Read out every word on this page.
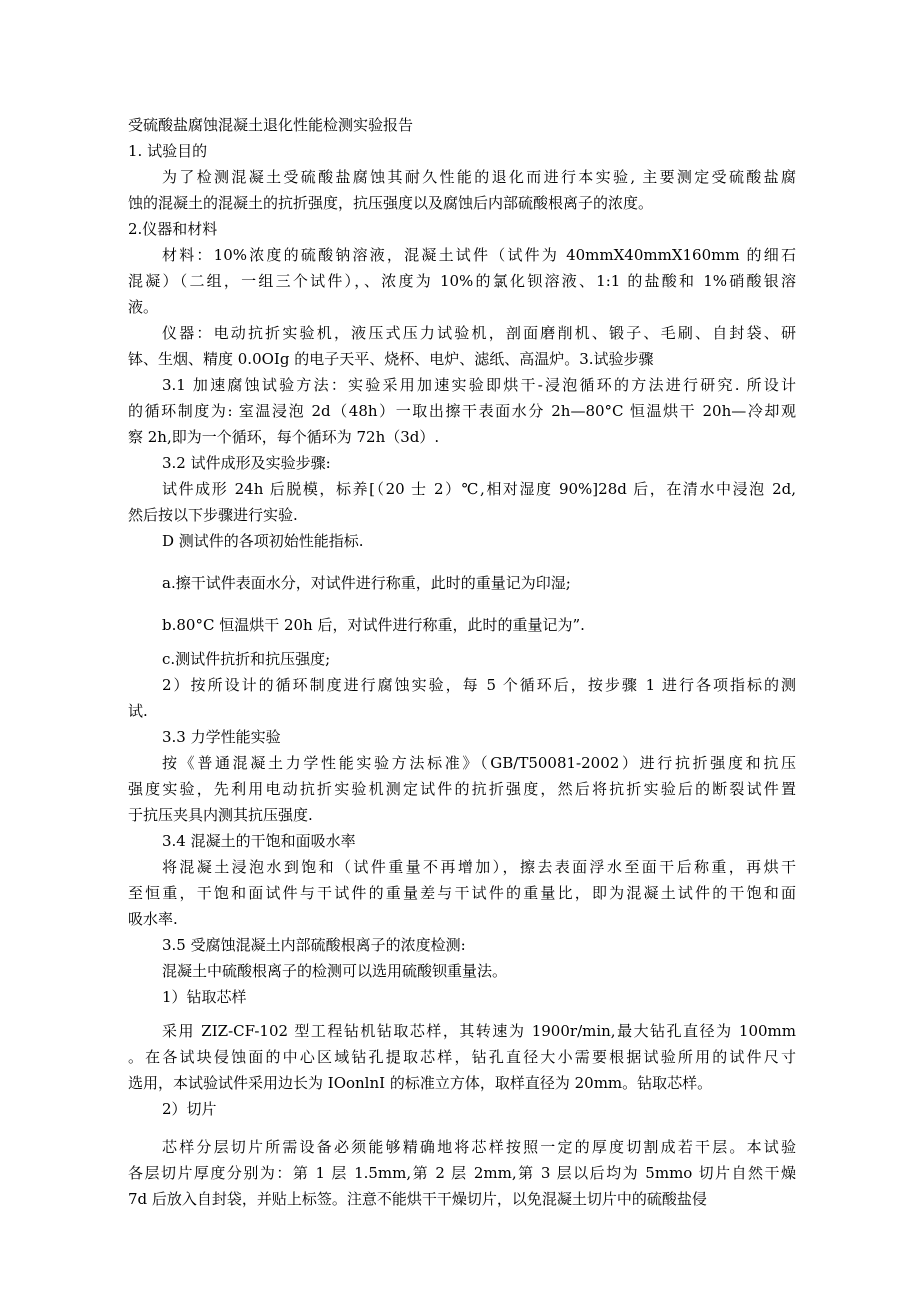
受硫酸盐腐蚀混凝土退化性能检测实验报告
1. 试验目的
为了检测混凝土受硫酸盐腐蚀其耐久性能的退化而进行本实验, 主要测定受硫酸盐腐
蚀的混凝土的混凝土的抗折强度，抗压强度以及腐蚀后内部硫酸根离子的浓度。
2.仪器和材料
材料：10%浓度的硫酸钠溶液，混凝土试件（试件为 40mmX40mmX160mm 的细石
混凝）（二组，一组三个试件），、浓度为 10%的氯化钡溶液、1:1 的盐酸和 1%硝酸银溶
液。
仪器：电动抗折实验机，液压式压力试验机，剖面磨削机、锻子、毛刷、自封袋、研
钵、生烟、精度 0.0OIg 的电子天平、烧杯、电炉、滤纸、高温炉。3.试验步骤
3.1 加速腐蚀试验方法：实验采用加速实验即烘干-浸泡循环的方法进行研究. 所设计
的循环制度为: 室温浸泡 2d（48h）一取出擦干表面水分 2h—80°C 恒温烘干 20h—冷却观
察 2h,即为一个循环，每个循环为 72h（3d）.
3.2 试件成形及实验步骤:
试件成形 24h 后脱模，标养[（20 士 2）℃,相对湿度 90%]28d 后，在清水中浸泡 2d,
然后按以下步骤进行实验.
D 测试件的各项初始性能指标.
a.擦干试件表面水分，对试件进行称重，此时的重量记为印湿;
b.80°C 恒温烘干 20h 后，对试件进行称重，此时的重量记为”.
c.测试件抗折和抗压强度;
2）按所设计的循环制度进行腐蚀实验，每 5 个循环后，按步骤 1 进行各项指标的测
试.
3.3 力学性能实验
按《普通混凝土力学性能实验方法标准》（GB/T50081-2002）进行抗折强度和抗压
强度实验，先利用电动抗折实验机测定试件的抗折强度，然后将抗折实验后的断裂试件置
于抗压夹具内测其抗压强度.
3.4 混凝土的干饱和面吸水率
将混凝土浸泡水到饱和（试件重量不再增加），擦去表面浮水至面干后称重，再烘干
至恒重，干饱和面试件与干试件的重量差与干试件的重量比，即为混凝土试件的干饱和面
吸水率.
3.5 受腐蚀混凝土内部硫酸根离子的浓度检测:
混凝土中硫酸根离子的检测可以选用硫酸钡重量法。
1）钻取芯样
采用 ZIZ-CF-102 型工程钻机钻取芯样，其转速为 1900r/min,最大钻孔直径为 100mm
。在各试块侵蚀面的中心区域钻孔提取芯样，钻孔直径大小需要根据试验所用的试件尺寸
选用，本试验试件采用边长为 IOonlnI 的标准立方体，取样直径为 20mm。钻取芯样。
2）切片
芯样分层切片所需设备必须能够精确地将芯样按照一定的厚度切割成若干层。本试验
各层切片厚度分别为：第 1 层 1.5mm,第 2 层 2mm,第 3 层以后均为 5mmo 切片自然干燥
7d 后放入自封袋，并贴上标签。注意不能烘干干燥切片，以免混凝土切片中的硫酸盐侵
